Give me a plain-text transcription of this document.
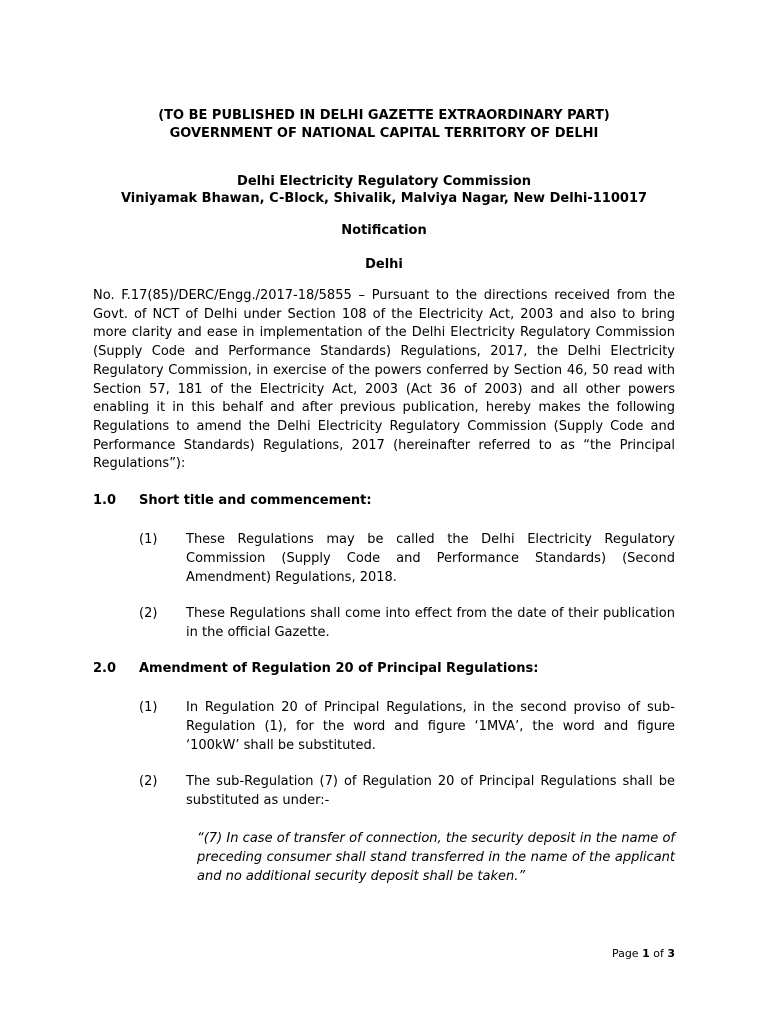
(TO BE PUBLISHED IN DELHI GAZETTE EXTRAORDINARY PART)
GOVERNMENT OF NATIONAL CAPITAL TERRITORY OF DELHI
Delhi Electricity Regulatory Commission
Viniyamak Bhawan, C-Block, Shivalik, Malviya Nagar, New Delhi-110017
Notification
Delhi
No. F.17(85)/DERC/Engg./2017-18/5855 – Pursuant to the directions received from the Govt. of NCT of Delhi under Section 108 of the Electricity Act, 2003 and also to bring more clarity and ease in implementation of the Delhi Electricity Regulatory Commission (Supply Code and Performance Standards) Regulations, 2017, the Delhi Electricity Regulatory Commission, in exercise of the powers conferred by Section 46, 50 read with Section 57, 181 of the Electricity Act, 2003 (Act 36 of 2003) and all other powers enabling it in this behalf and after previous publication, hereby makes the following Regulations to amend the Delhi Electricity Regulatory Commission (Supply Code and Performance Standards) Regulations, 2017 (hereinafter referred to as “the Principal Regulations”):
1.0 Short title and commencement:
(1) These Regulations may be called the Delhi Electricity Regulatory Commission (Supply Code and Performance Standards) (Second Amendment) Regulations, 2018.
(2) These Regulations shall come into effect from the date of their publication in the official Gazette.
2.0 Amendment of Regulation 20 of Principal Regulations:
(1) In Regulation 20 of Principal Regulations, in the second proviso of sub-Regulation (1), for the word and figure ‘1MVA’, the word and figure ‘100kW’ shall be substituted.
(2) The sub-Regulation (7) of Regulation 20 of Principal Regulations shall be substituted as under:-
“(7) In case of transfer of connection, the security deposit in the name of preceding consumer shall stand transferred in the name of the applicant and no additional security deposit shall be taken.”
Page 1 of 3
